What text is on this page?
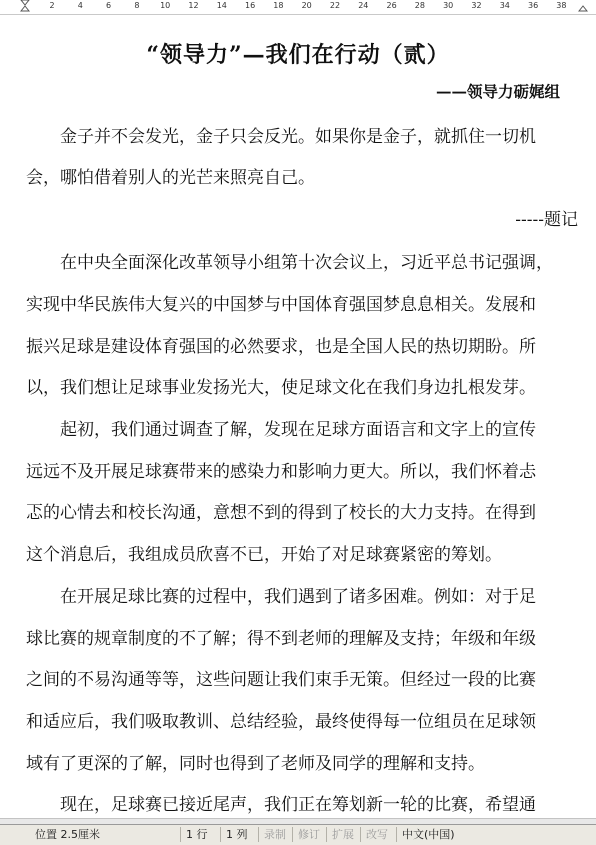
2	4	6	8	10 12 14 16 18 20 22 24 26 28 30 32 34 36 38
“领导力”—我们在行动（贰）
——领导力砺娓组
　　金子并不会发光，金子只会反光。如果你是金子，就抓住一切机
会，哪怕借着别人的光芒来照亮自己。
-----题记
　　在中央全面深化改革领导小组第十次会议上，习近平总书记强调，
实现中华民族伟大复兴的中国梦与中国体育强国梦息息相关。发展和
振兴足球是建设体育强国的必然要求，也是全国人民的热切期盼。所
以，我们想让足球事业发扬光大，使足球文化在我们身边扎根发芽。
　　起初，我们通过调查了解，发现在足球方面语言和文字上的宣传
远远不及开展足球赛带来的感染力和影响力更大。所以，我们怀着忐
忑的心情去和校长沟通，意想不到的得到了校长的大力支持。在得到
这个消息后，我组成员欣喜不已，开始了对足球赛紧密的筹划。
　　在开展足球比赛的过程中，我们遇到了诸多困难。例如：对于足
球比赛的规章制度的不了解；得不到老师的理解及支持；年级和年级
之间的不易沟通等等，这些问题让我们束手无策。但经过一段的比赛
和适应后，我们吸取教训、总结经验，最终使得每一位组员在足球领
域有了更深的了解，同时也得到了老师及同学的理解和支持。
　　现在，足球赛已接近尾声，我们正在筹划新一轮的比赛，希望通
位置 2.5厘米	1 行	1 列	录制	修订	扩展	改写	中文(中国)
